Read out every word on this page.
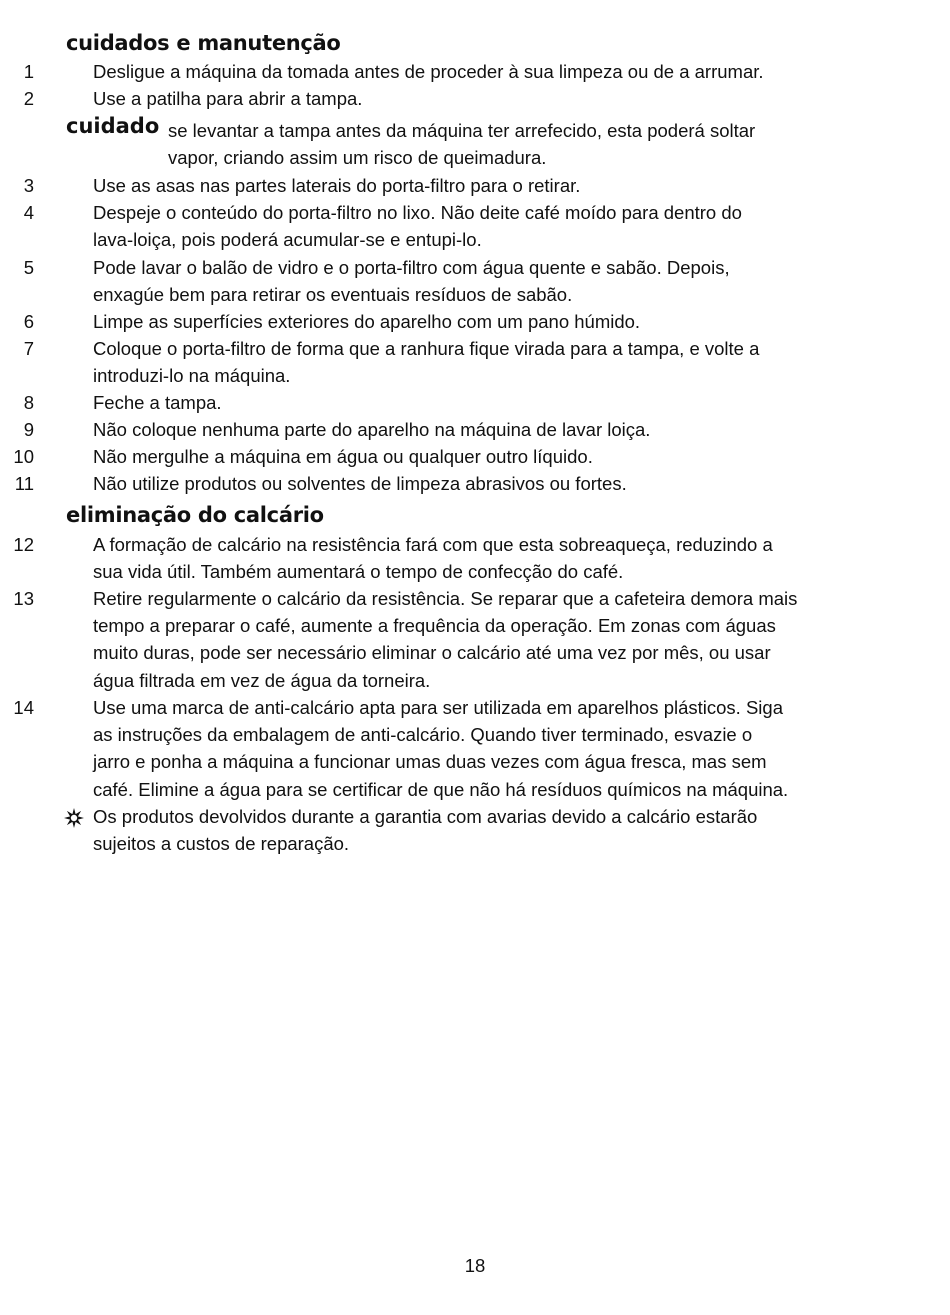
cuidados e manutenção
1	Desligue a máquina da tomada antes de proceder à sua limpeza ou de a arrumar.
2	Use a patilha para abrir a tampa.
cuidado se levantar a tampa antes da máquina ter arrefecido, esta poderá soltar
vapor, criando assim um risco de queimadura.
3	Use as asas nas partes laterais do porta-filtro para o retirar.
4	Despeje o conteúdo do porta-filtro no lixo. Não deite café moído para dentro do
lava-loiça, pois poderá acumular-se e entupi-lo.
5	Pode lavar o balão de vidro e o porta-filtro com água quente e sabão. Depois,
enxagúe bem para retirar os eventuais resíduos de sabão.
6	Limpe as superfícies exteriores do aparelho com um pano húmido.
7	Coloque o porta-filtro de forma que a ranhura fique virada para a tampa, e volte a
introduzi-lo na máquina.
8	Feche a tampa.
9	Não coloque nenhuma parte do aparelho na máquina de lavar loiça.
10	Não mergulhe a máquina em água ou qualquer outro líquido.
11	Não utilize produtos ou solventes de limpeza abrasivos ou fortes.
eliminação do calcário
12	A formação de calcário na resistência fará com que esta sobreaqueça, reduzindo a
sua vida útil. Também aumentará o tempo de confecção do café.
13	Retire regularmente o calcário da resistência. Se reparar que a cafeteira demora mais
tempo a preparar o café, aumente a frequência da operação. Em zonas com águas
muito duras, pode ser necessário eliminar o calcário até uma vez por mês, ou usar
água filtrada em vez de água da torneira.
14	Use uma marca de anti-calcário apta para ser utilizada em aparelhos plásticos. Siga
as instruções da embalagem de anti-calcário. Quando tiver terminado, esvazie o
jarro e ponha a máquina a funcionar umas duas vezes com água fresca, mas sem
café. Elimine a água para se certificar de que não há resíduos químicos na máquina.
Os produtos devolvidos durante a garantia com avarias devido a calcário estarão
sujeitos a custos de reparação.
18
